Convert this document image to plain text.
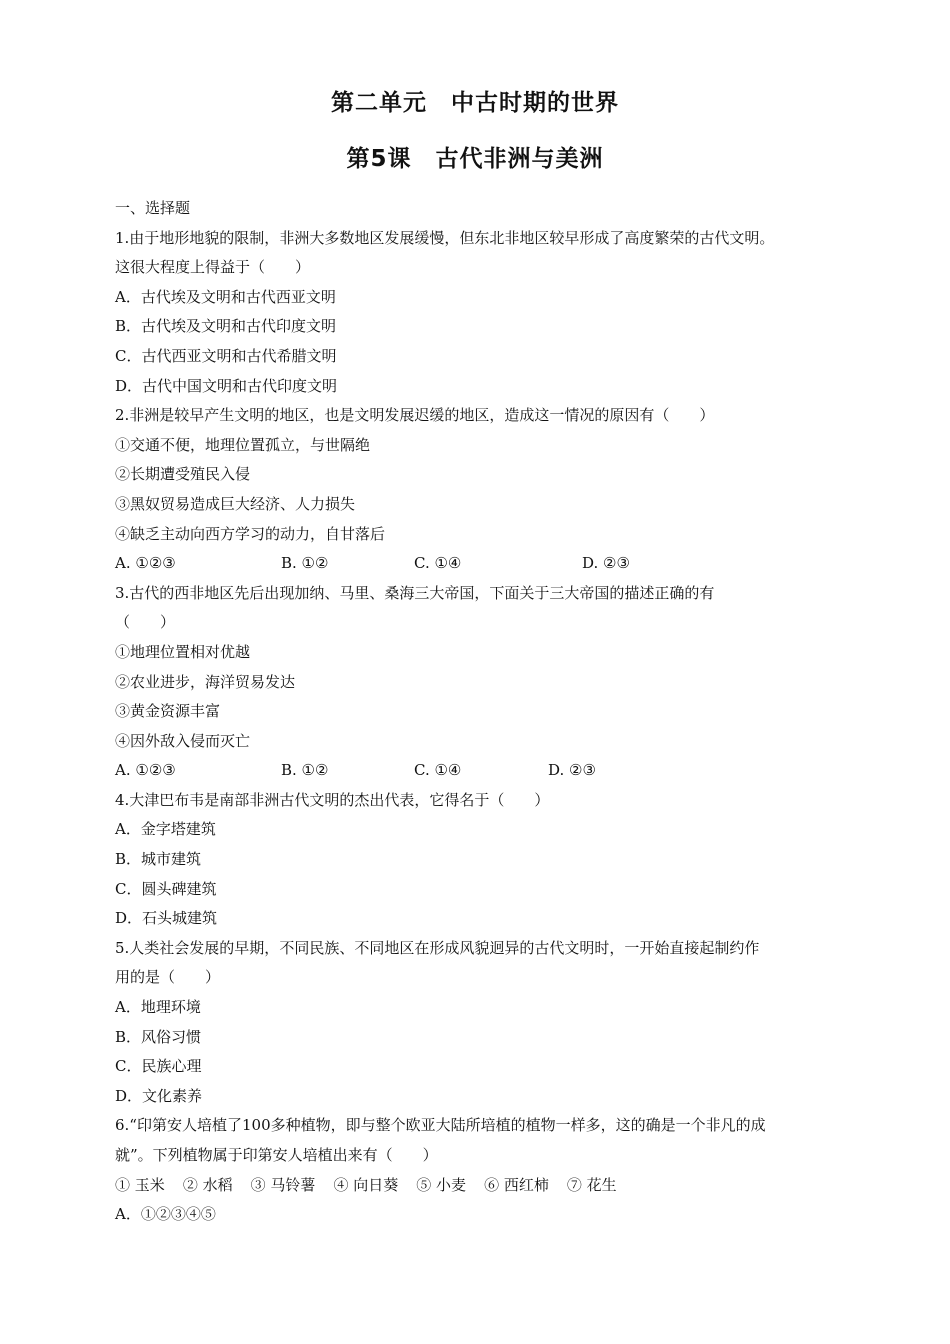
第二单元　中古时期的世界
第5课　古代非洲与美洲
一、选择题
1.由于地形地貌的限制，非洲大多数地区发展缓慢，但东北非地区较早形成了高度繁荣的古代文明。
这很大程度上得益于（　　）
A．古代埃及文明和古代西亚文明
B．古代埃及文明和古代印度文明
C．古代西亚文明和古代希腊文明
D．古代中国文明和古代印度文明
2.非洲是较早产生文明的地区，也是文明发展迟缓的地区，造成这一情况的原因有（　　）
①交通不便，地理位置孤立，与世隔绝
②长期遭受殖民入侵
③黑奴贸易造成巨大经济、人力损失
④缺乏主动向西方学习的动力，自甘落后
A. ①②③	B. ①②	C. ①④	D. ②③
3.古代的西非地区先后出现加纳、马里、桑海三大帝国，下面关于三大帝国的描述正确的有
（　　）
①地理位置相对优越
②农业进步，海洋贸易发达
③黄金资源丰富
④因外敌入侵而灭亡
A. ①②③	B. ①②	C. ①④	D. ②③
4.大津巴布韦是南部非洲古代文明的杰出代表，它得名于（　　）
A．金字塔建筑
B．城市建筑
C．圆头碑建筑
D．石头城建筑
5.人类社会发展的早期，不同民族、不同地区在形成风貌迥异的古代文明时，一开始直接起制约作
用的是（　　）
A．地理环境
B．风俗习惯
C．民族心理
D．文化素养
6.“印第安人培植了100多种植物，即与整个欧亚大陆所培植的植物一样多，这的确是一个非凡的成
就”。下列植物属于印第安人培植出来有（　　）
① 玉米 ② 水稻 ③ 马铃薯 ④ 向日葵 ⑤ 小麦 ⑥ 西红柿 ⑦ 花生
A．①②③④⑤
